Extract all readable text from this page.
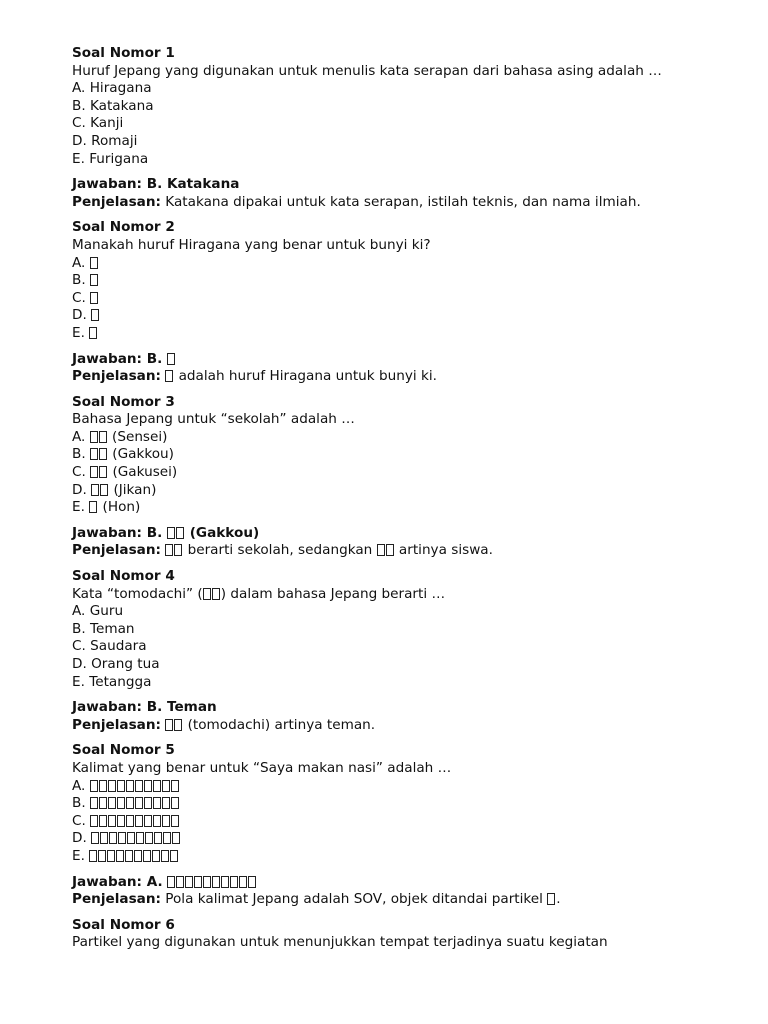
Soal Nomor 1
Huruf Jepang yang digunakan untuk menulis kata serapan dari bahasa asing adalah …
A. Hiragana
B. Katakana
C. Kanji
D. Romaji
E. Furigana
Jawaban: B. Katakana
Penjelasan: Katakana dipakai untuk kata serapan, istilah teknis, dan nama ilmiah.
Soal Nomor 2
Manakah huruf Hiragana yang benar untuk bunyi ki?
A.
B.
C.
D.
E.
Jawaban: B.
Penjelasan:  adalah huruf Hiragana untuk bunyi ki.
Soal Nomor 3
Bahasa Jepang untuk “sekolah” adalah …
A.  (Sensei)
B.  (Gakkou)
C.  (Gakusei)
D.  (Jikan)
E.  (Hon)
Jawaban: B.  (Gakkou)
Penjelasan:  berarti sekolah, sedangkan  artinya siswa.
Soal Nomor 4
Kata “tomodachi” ( ) dalam bahasa Jepang berarti …
A. Guru
B. Teman
C. Saudara
D. Orang tua
E. Tetangga
Jawaban: B. Teman
Penjelasan:  (tomodachi) artinya teman.
Soal Nomor 5
Kalimat yang benar untuk “Saya makan nasi” adalah …
A.
B.
C.
D.
E.
Jawaban: A.
Penjelasan: Pola kalimat Jepang adalah SOV, objek ditandai partikel .
Soal Nomor 6
Partikel yang digunakan untuk menunjukkan tempat terjadinya suatu kegiatan
